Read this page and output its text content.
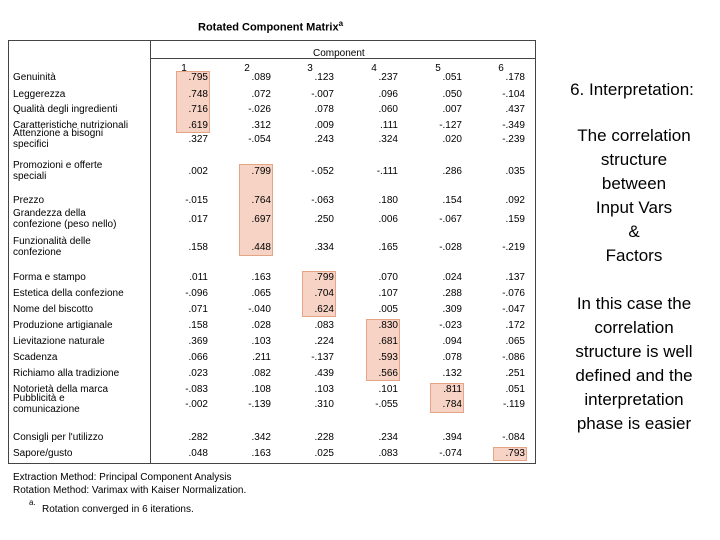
Rotated Component Matrix$^a$
Component
1	2	3	4	5	6
Genuinità	.795	.089	.123	.237	.051	.178
Leggerezza	.748	.072	-.007	.096	.050	-.104
Qualità degli ingredienti	.716	-.026	.078	.060	.007	.437
Caratteristiche nutrizionali	.619	.312	.009	.111	-.127	-.349
Attenzione a bisogni
specifici	.327	-.054	.243	.324	.020	-.239
Promozioni e offerte
speciali	.002	.799	-.052	-.111	.286	.035
Prezzo	-.015	.764	-.063	.180	.154	.092
Grandezza della
confezione (peso nello)	.017	.697	.250	.006	-.067	.159
Funzionalità delle
confezione	.158	.448	.334	.165	-.028	-.219
Forma e stampo	.011	.163	.799	.070	.024	.137
Estetica della confezione	-.096	.065	.704	.107	.288	-.076
Nome del biscotto	.071	-.040	.624	.005	.309	-.047
Produzione artigianale	.158	.028	.083	.830	-.023	.172
Lievitazione naturale	.369	.103	.224	.681	.094	.065
Scadenza	.066	.211	-.137	.593	.078	-.086
Richiamo alla tradizione	.023	.082	.439	.566	.132	.251
Notorietà della marca	-.083	.108	.103	.101	.811	.051
Pubblicità e
comunicazione	-.002	-.139	.310	-.055	.784	-.119
Consigli per l'utilizzo	.282	.342	.228	.234	.394	-.084
Sapore/gusto	.048	.163	.025	.083	-.074	.793
Extraction Method: Principal Component Analysis
Rotation Method: Varimax with Kaiser Normalization.
a.
Rotation converged in 6 iterations.
6. Interpretation:
The correlation
structure
between
Input Vars
&
Factors
In this case the
correlation
structure is well
defined and the
interpretation
phase is easier
